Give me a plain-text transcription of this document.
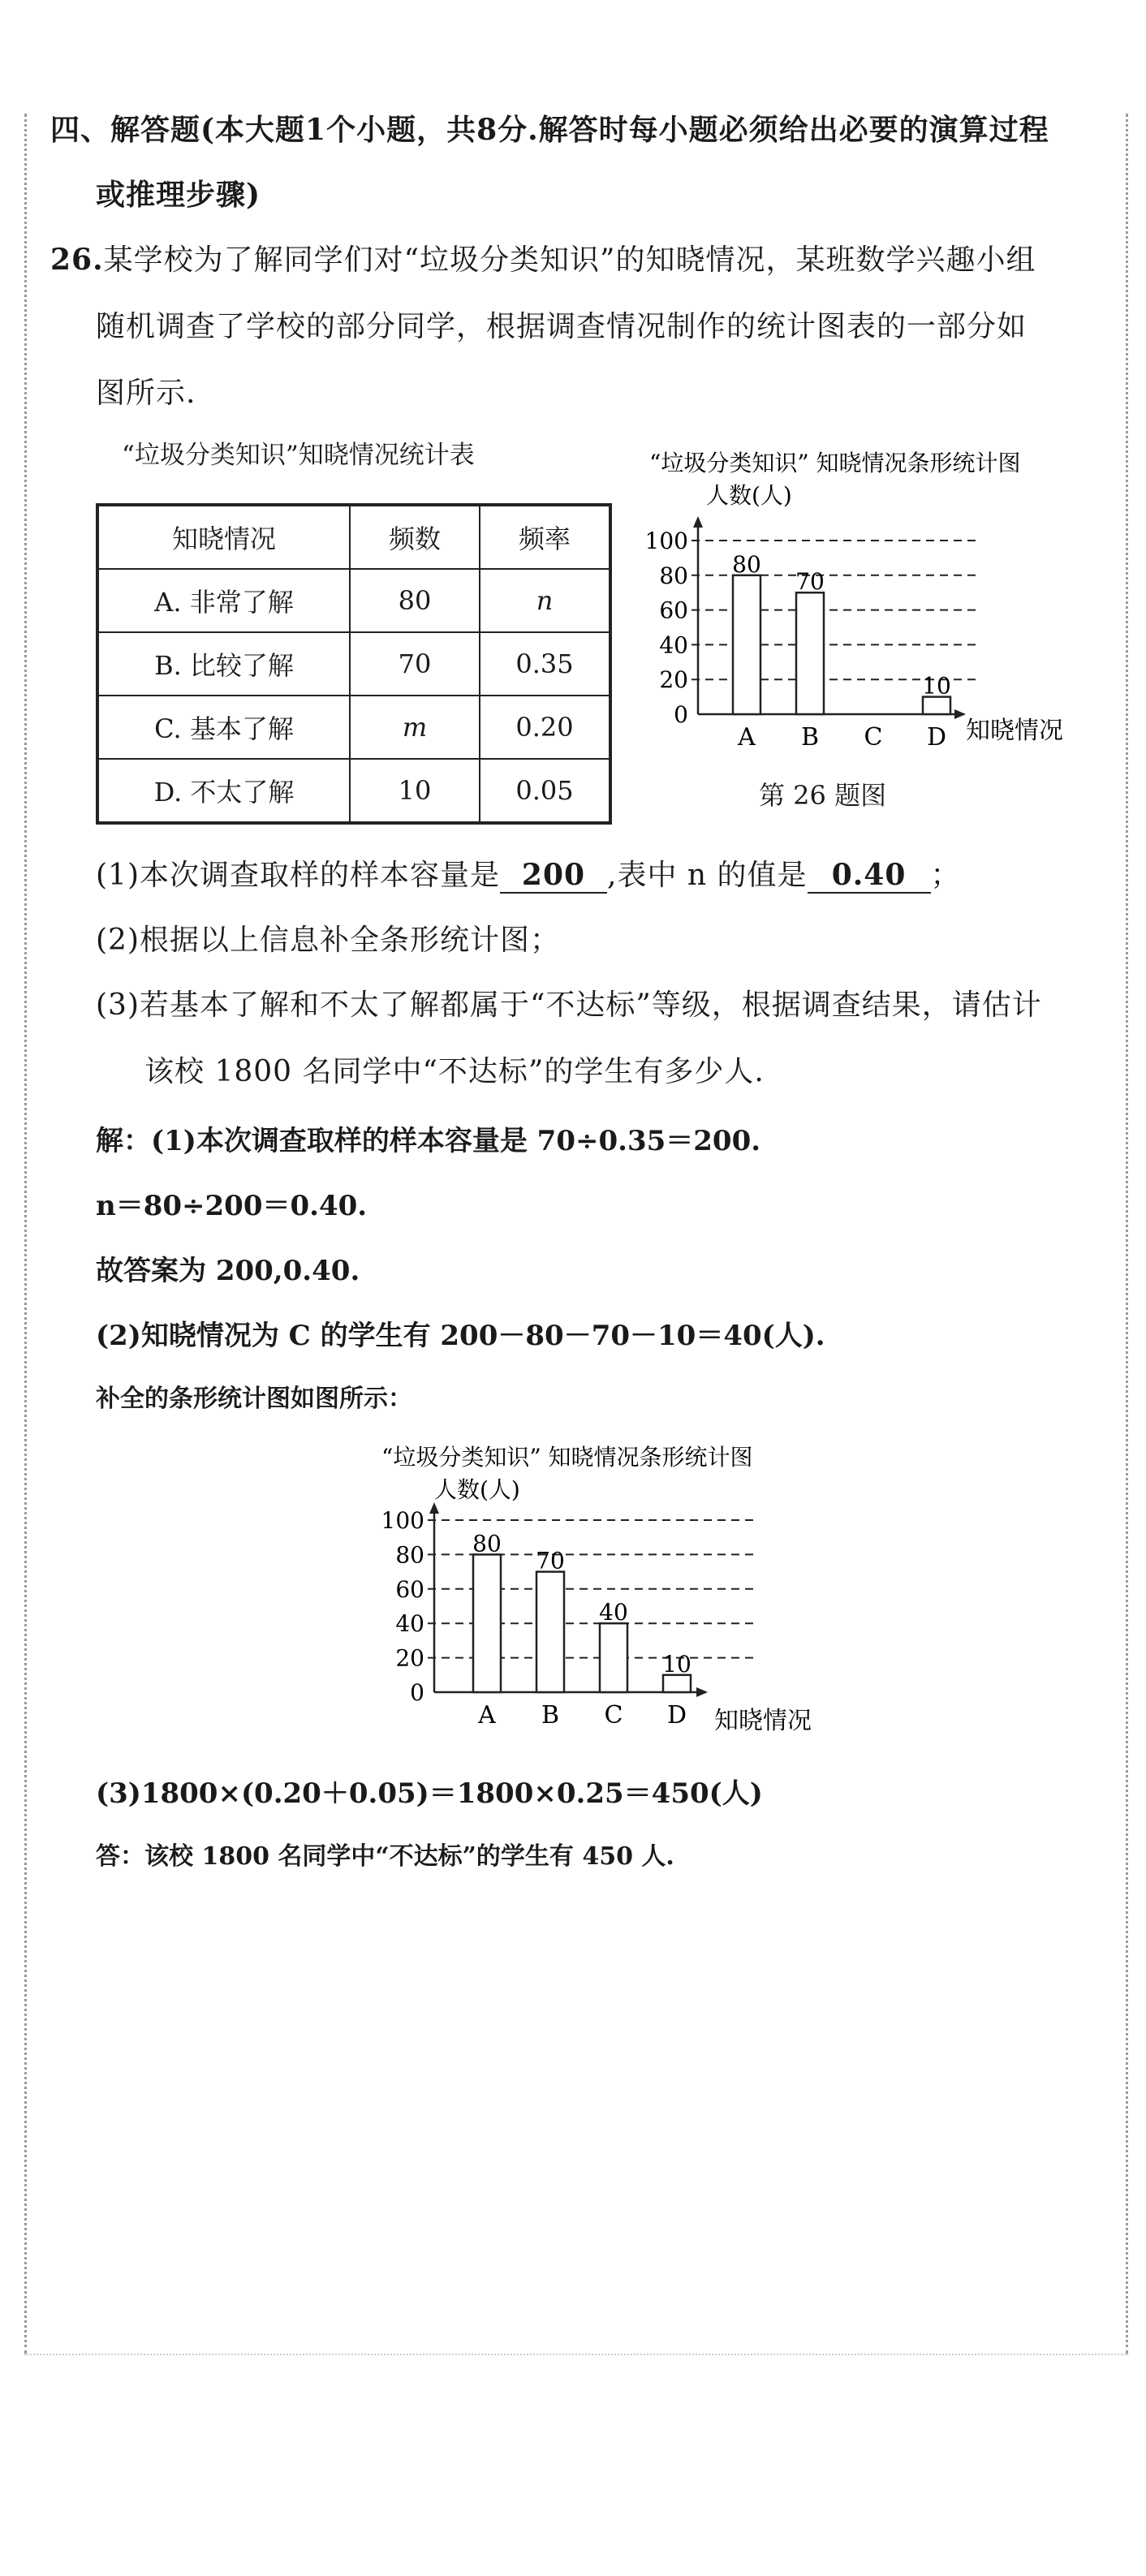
四、解答题(本大题1个小题，共8分.解答时每小题必须给出必要的演算过程
或推理步骤)
26.某学校为了解同学们对“垃圾分类知识”的知晓情况，某班数学兴趣小组
随机调查了学校的部分同学，根据调查情况制作的统计图表的一部分如
图所示.
“垃圾分类知识”知晓情况统计表
知晓情况	频数	频率
A. 非常了解	80	n
B. 比较了解	70	0.35
C. 基本了解	m	0.20
D. 不太了解	10	0.05
“垃圾分类知识” 知晓情况条形统计图
人数(人)
知晓情况
0
20
40
60
80
100
80
A
70
B C
10
D
第 26 题图
(1)本次调查取样的样本容量是 200 ,表中 n 的值是 0.40 ；
(2)根据以上信息补全条形统计图；
(3)若基本了解和不太了解都属于“不达标”等级，根据调查结果，请估计
该校 1800 名同学中“不达标”的学生有多少人.
解：(1)本次调查取样的样本容量是 70÷0.35＝200.
n＝80÷200＝0.40.
故答案为 200,0.40.
(2)知晓情况为 C 的学生有 200－80－70－10＝40(人).
补全的条形统计图如图所示：
“垃圾分类知识” 知晓情况条形统计图
人数(人)
知晓情况
0
20
40
60
80
100
80
A
70
B
40
C
10
D
(3)1800×(0.20＋0.05)＝1800×0.25＝450(人)
答：该校 1800 名同学中“不达标”的学生有 450 人.
